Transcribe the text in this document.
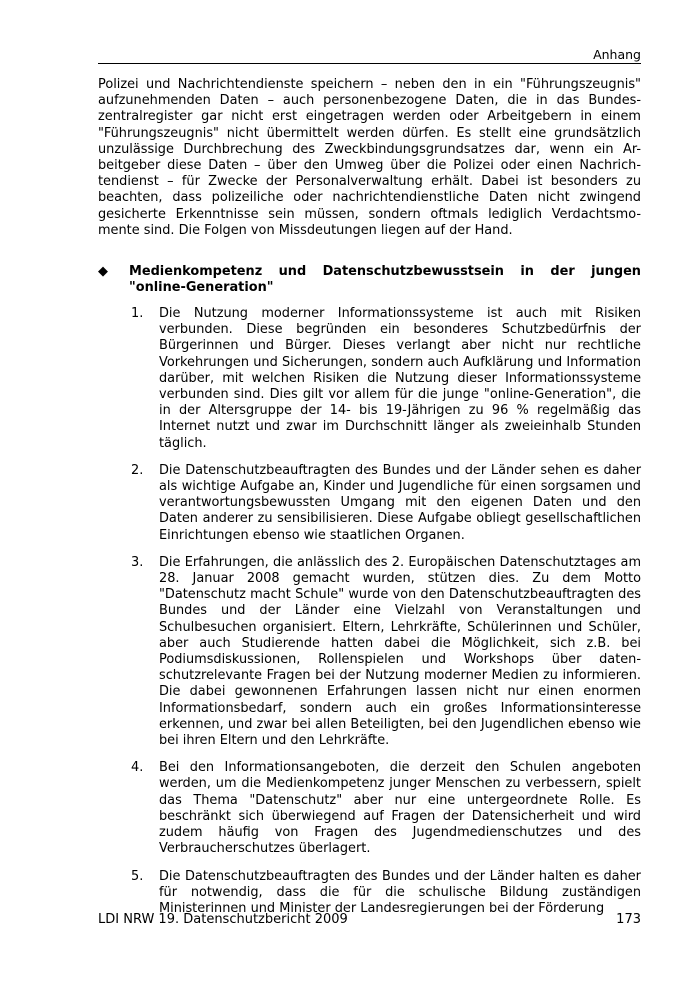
Anhang

Polizei und Nachrichtendienste speichern – neben den in ein "Führungszeugnis" aufzunehmenden Daten – auch personenbezogene Daten, die in das Bundes-zentralregister gar nicht erst eingetragen werden oder Arbeitgebern in einem "Führungszeugnis" nicht übermittelt werden dürfen. Es stellt eine grundsätzlich unzulässige Durchbrechung des Zweckbindungsgrundsatzes dar, wenn ein Ar-beitgeber diese Daten – über den Umweg über die Polizei oder einen Nachrich-tendienst – für Zwecke der Personalverwaltung erhält. Dabei ist besonders zu beachten, dass polizeiliche oder nachrichtendienstliche Daten nicht zwingend gesicherte Erkenntnisse sein müssen, sondern oftmals lediglich Verdachtsmo-mente sind. Die Folgen von Missdeutungen liegen auf der Hand.

◆ Medienkompetenz und Datenschutzbewusstsein in der jungen "online-Generation"

1. Die Nutzung moderner Informationssysteme ist auch mit Risiken verbunden. Diese begründen ein besonderes Schutzbedürfnis der Bürgerinnen und Bürger. Dieses verlangt aber nicht nur rechtliche Vorkehrungen und Sicherungen, sondern auch Aufklärung und Information darüber, mit welchen Risiken die Nutzung dieser Informationssysteme verbunden sind. Dies gilt vor allem für die junge "online-Generation", die in der Altersgruppe der 14- bis 19-Jährigen zu 96 % regelmäßig das Internet nutzt und zwar im Durchschnitt länger als zweieinhalb Stunden täglich.

2. Die Datenschutzbeauftragten des Bundes und der Länder sehen es daher als wichtige Aufgabe an, Kinder und Jugendliche für einen sorgsamen und verantwortungsbewussten Umgang mit den eigenen Daten und den Daten anderer zu sensibilisieren. Diese Aufgabe obliegt gesellschaftlichen Einrichtungen ebenso wie staatlichen Organen.

3. Die Erfahrungen, die anlässlich des 2. Europäischen Datenschutztages am 28. Januar 2008 gemacht wurden, stützen dies. Zu dem Motto "Datenschutz macht Schule" wurde von den Datenschutzbeauftragten des Bundes und der Länder eine Vielzahl von Veranstaltungen und Schulbesuchen organisiert. Eltern, Lehrkräfte, Schülerinnen und Schüler, aber auch Studierende hatten dabei die Möglichkeit, sich z.B. bei Podiumsdiskussionen, Rollenspielen und Workshops über daten-schutzrelevante Fragen bei der Nutzung moderner Medien zu informieren. Die dabei gewonnenen Erfahrungen lassen nicht nur einen enormen Informationsbedarf, sondern auch ein großes Informationsinteresse erkennen, und zwar bei allen Beteiligten, bei den Jugendlichen ebenso wie bei ihren Eltern und den Lehrkräfte.

4. Bei den Informationsangeboten, die derzeit den Schulen angeboten werden, um die Medienkompetenz junger Menschen zu verbessern, spielt das Thema "Datenschutz" aber nur eine untergeordnete Rolle. Es beschränkt sich überwiegend auf Fragen der Datensicherheit und wird zudem häufig von Fragen des Jugendmedienschutzes und des Verbraucherschutzes überlagert.

5. Die Datenschutzbeauftragten des Bundes und der Länder halten es daher für notwendig, dass die für die schulische Bildung zuständigen Ministerinnen und Minister der Landesregierungen bei der Förderung

LDI NRW 19. Datenschutzbericht 2009	173
